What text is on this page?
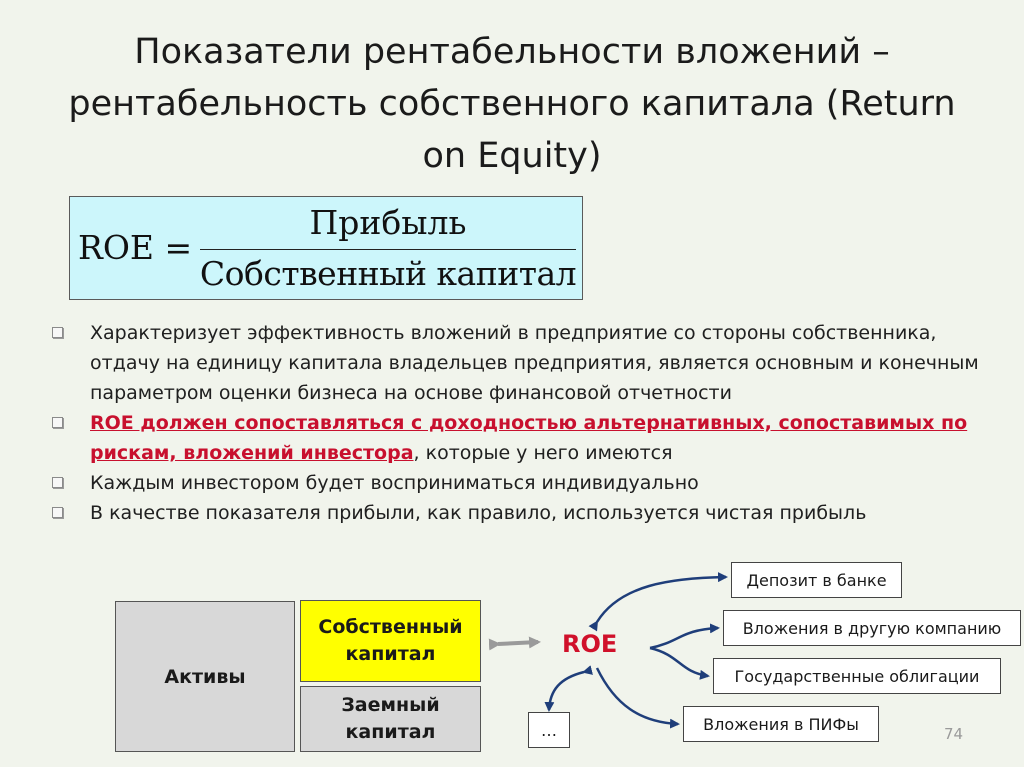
Показатели рентабельности вложений –
рентабельность собственного капитала (Return
on Equity)
ROE =
Прибыль
Собственный капитал
Характеризует эффективность вложений в предприятие со стороны собственника, отдачу на единицу капитала владельцев предприятия, является основным и конечным параметром оценки бизнеса на основе финансовой отчетности
ROE должен сопоставляться с доходностью альтернативных, сопоставимых по рискам, вложений инвестора, которые у него имеются
Каждым инвестором будет восприниматься индивидуально
В качестве показателя прибыли, как правило, используется чистая прибыль
Активы
Собственный
капитал
Заемный
капитал
ROE
Депозит в банке
Вложения в другую компанию
Государственные облигации
Вложения в ПИФы
…	74
